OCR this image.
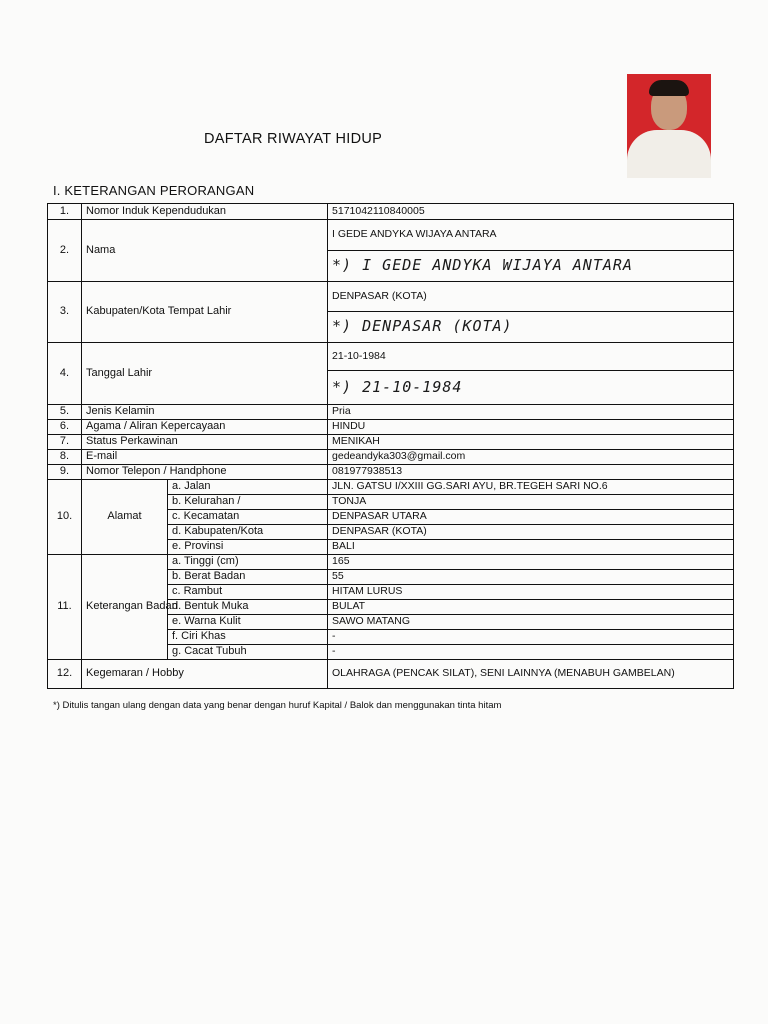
DAFTAR RIWAYAT HIDUP
I. KETERANGAN PERORANGAN
1.	Nomor Induk Kependudukan		5171042110840005
2.	Nama		I GEDE ANDYKA WIJAYA ANTARA
			*) I GEDE ANDYKA WIJAYA ANTARA
3.	Kabupaten/Kota Tempat Lahir		DENPASAR (KOTA)
			*) DENPASAR (KOTA)
4.	Tanggal Lahir		21-10-1984
			*) 21-10-1984
5.	Jenis Kelamin		Pria
6.	Agama / Aliran Kepercayaan		HINDU
7.	Status Perkawinan		MENIKAH
8.	E-mail		gedeandyka303@gmail.com
9.	Nomor Telepon / Handphone		081977938513
10.	Alamat	a. Jalan	JLN. GATSU I/XXIII GG.SARI AYU, BR.TEGEH SARI NO.6
		b. Kelurahan /	TONJA
		c. Kecamatan	DENPASAR UTARA
		d. Kabupaten/Kota	DENPASAR (KOTA)
		e. Provinsi	BALI
11.	Keterangan Badan	a. Tinggi (cm)	165
		b. Berat Badan	55
		c. Rambut	HITAM LURUS
		d. Bentuk Muka	BULAT
		e. Warna Kulit	SAWO MATANG
		f. Ciri Khas	-
		g. Cacat Tubuh	-
12.	Kegemaran / Hobby		OLAHRAGA (PENCAK SILAT), SENI LAINNYA (MENABUH GAMBELAN)
*) Ditulis tangan ulang dengan data yang benar dengan huruf Kapital / Balok dan menggunakan tinta hitam
